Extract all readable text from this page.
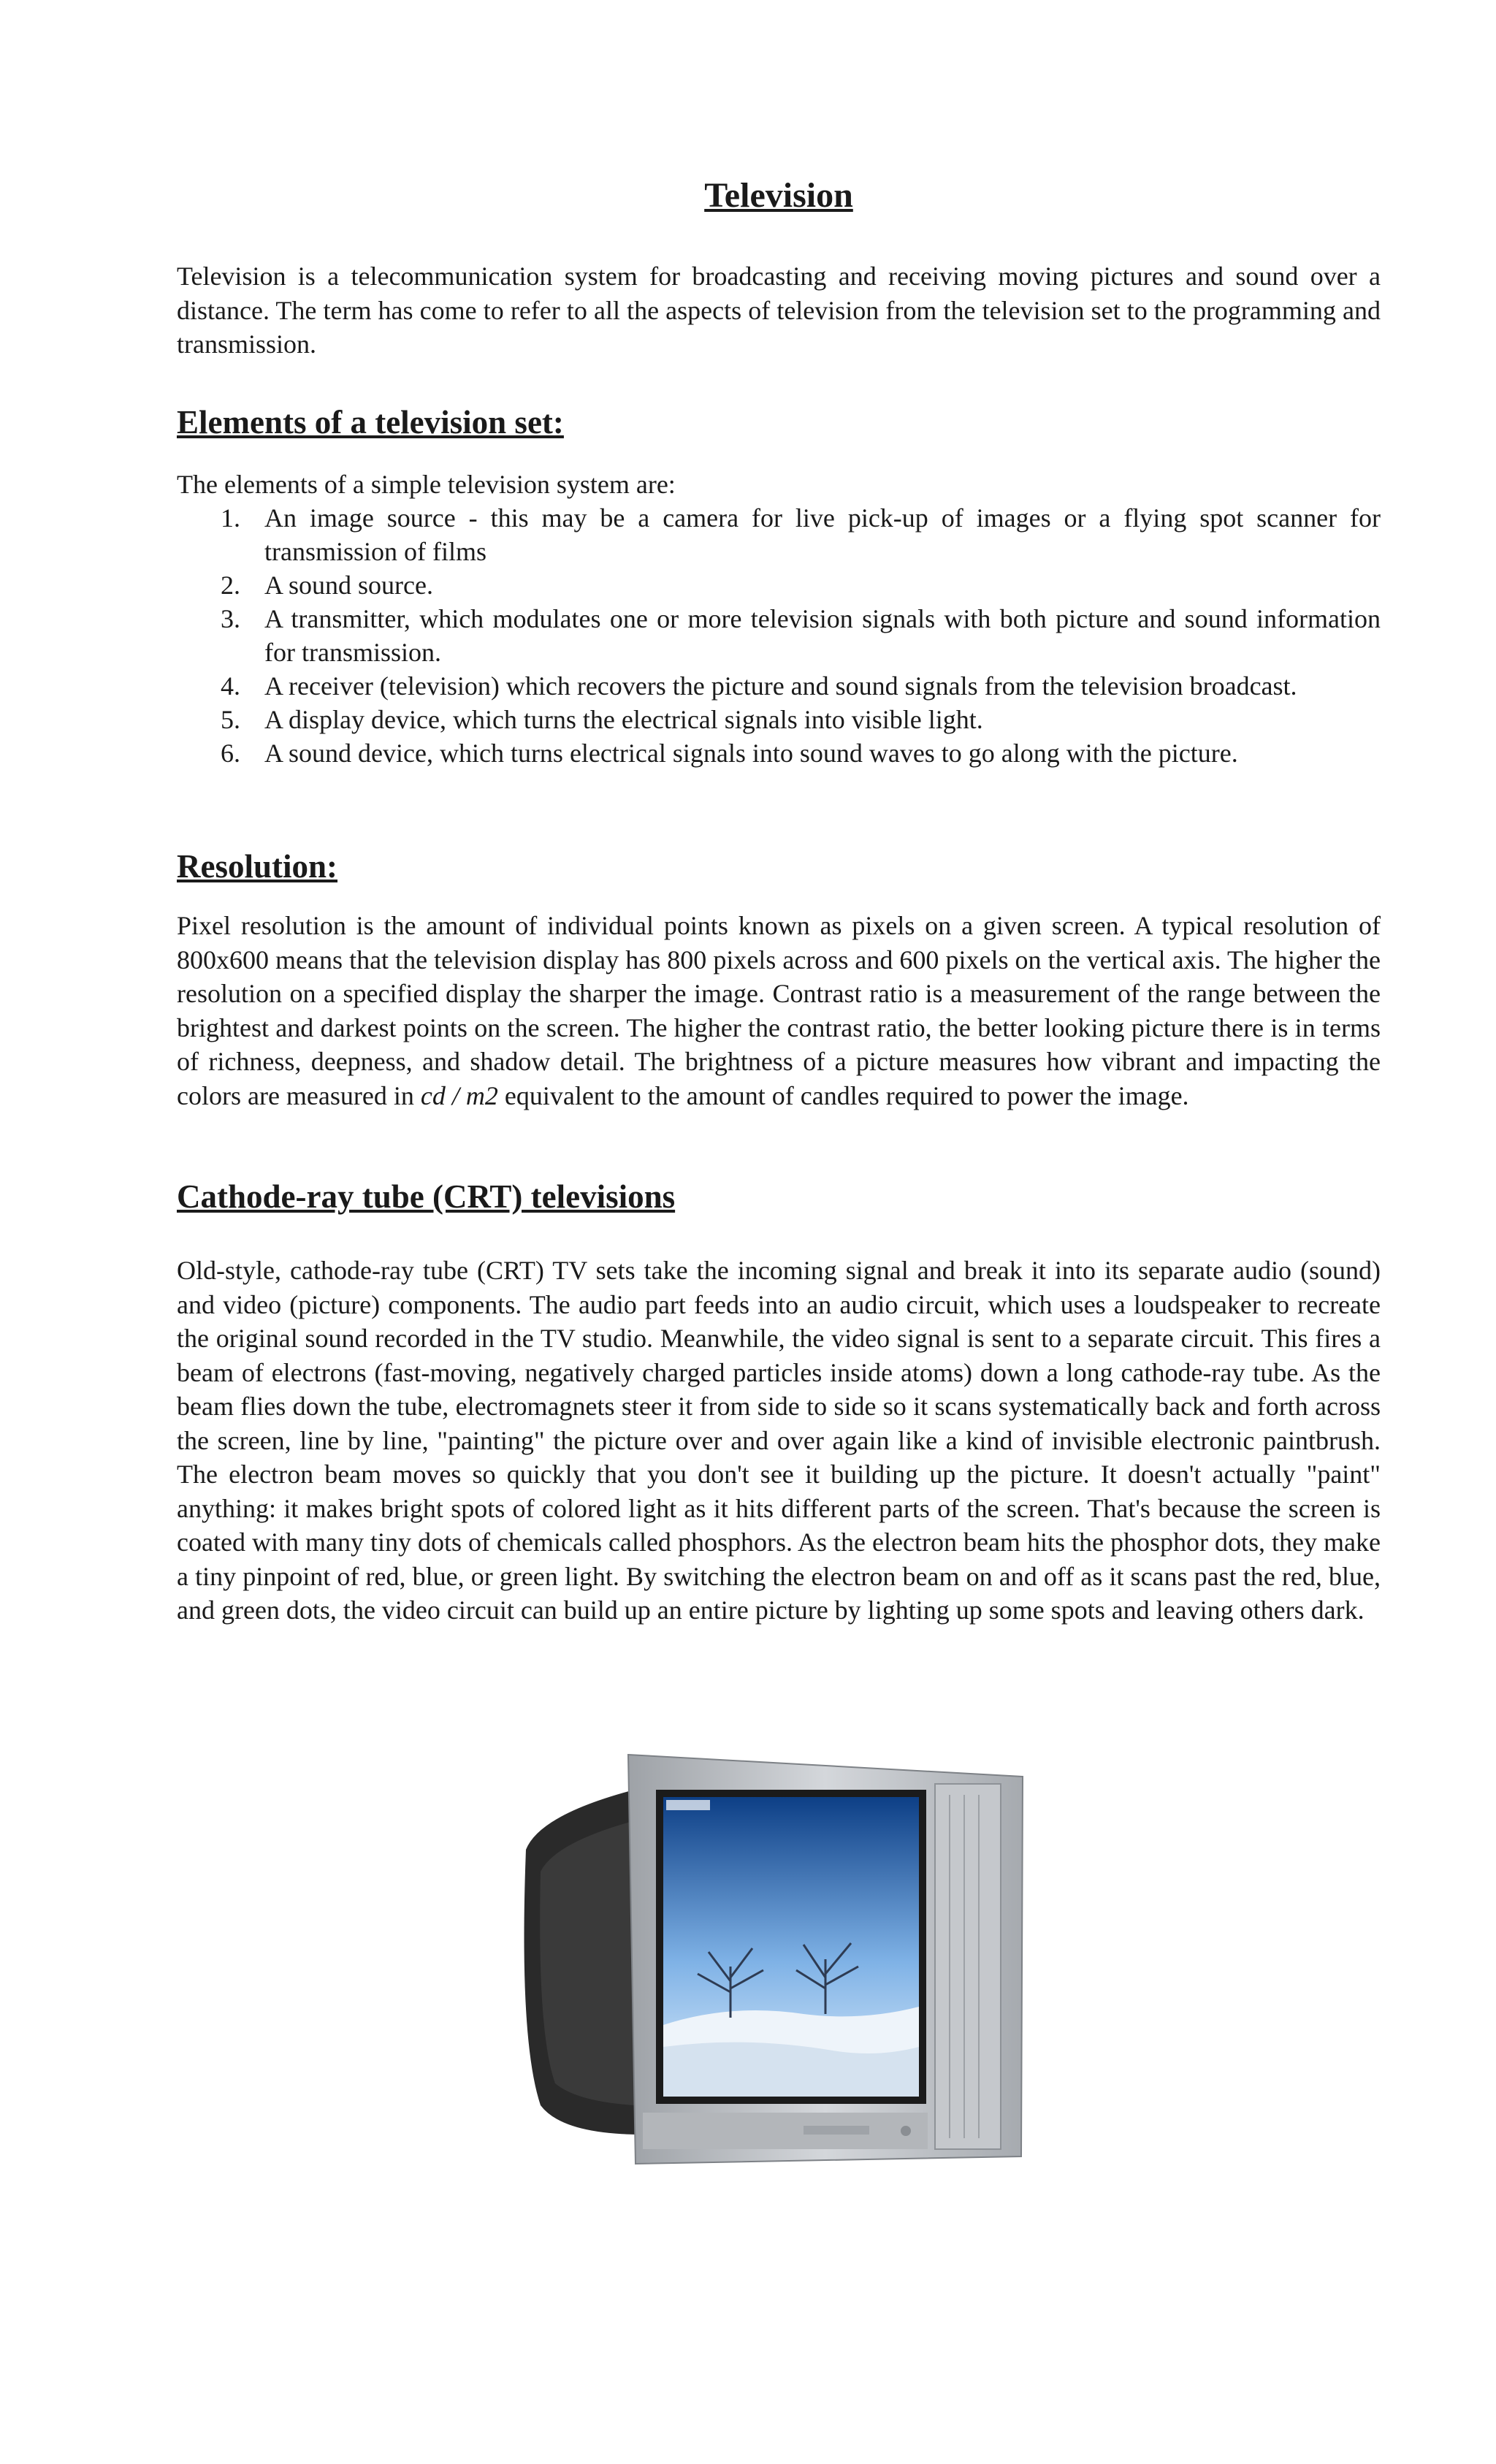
Television

Television is a telecommunication system for broadcasting and receiving moving pictures and sound over a distance. The term has come to refer to all the aspects of television from the television set to the programming and transmission.

Elements of a television set:

The elements of a simple television system are:

1. An image source - this may be a camera for live pick-up of images or a flying spot scanner for transmission of films
2. A sound source.
3. A transmitter, which modulates one or more television signals with both picture and sound information for transmission.
4. A receiver (television) which recovers the picture and sound signals from the television broadcast.
5. A display device, which turns the electrical signals into visible light.
6. A sound device, which turns electrical signals into sound waves to go along with the picture.
Resolution:

Pixel resolution is the amount of individual points known as pixels on a given screen. A typical resolution of 800x600 means that the television display has 800 pixels across and 600 pixels on the vertical axis. The higher the resolution on a specified display the sharper the image. Contrast ratio is a measurement of the range between the brightest and darkest points on the screen. The higher the contrast ratio, the better looking picture there is in terms of richness, deepness, and shadow detail. The brightness of a picture measures how vibrant and impacting the colors are measured in cd / m2 equivalent to the amount of candles required to power the image.

Cathode-ray tube (CRT) televisions

Old-style, cathode-ray tube (CRT) TV sets take the incoming signal and break it into its separate audio (sound) and video (picture) components. The audio part feeds into an audio circuit, which uses a loudspeaker to recreate the original sound recorded in the TV studio. Meanwhile, the video signal is sent to a separate circuit. This fires a beam of electrons (fast-moving, negatively charged particles inside atoms) down a long cathode-ray tube. As the beam flies down the tube, electromagnets steer it from side to side so it scans systematically back and forth across the screen, line by line, "painting" the picture over and over again like a kind of invisible electronic paintbrush. The electron beam moves so quickly that you don't see it building up the picture. It doesn't actually "paint" anything: it makes bright spots of colored light as it hits different parts of the screen. That's because the screen is coated with many tiny dots of chemicals called phosphors. As the electron beam hits the phosphor dots, they make a tiny pinpoint of red, blue, or green light. By switching the electron beam on and off as it scans past the red, blue, and green dots, the video circuit can build up an entire picture by lighting up some spots and leaving others dark.
